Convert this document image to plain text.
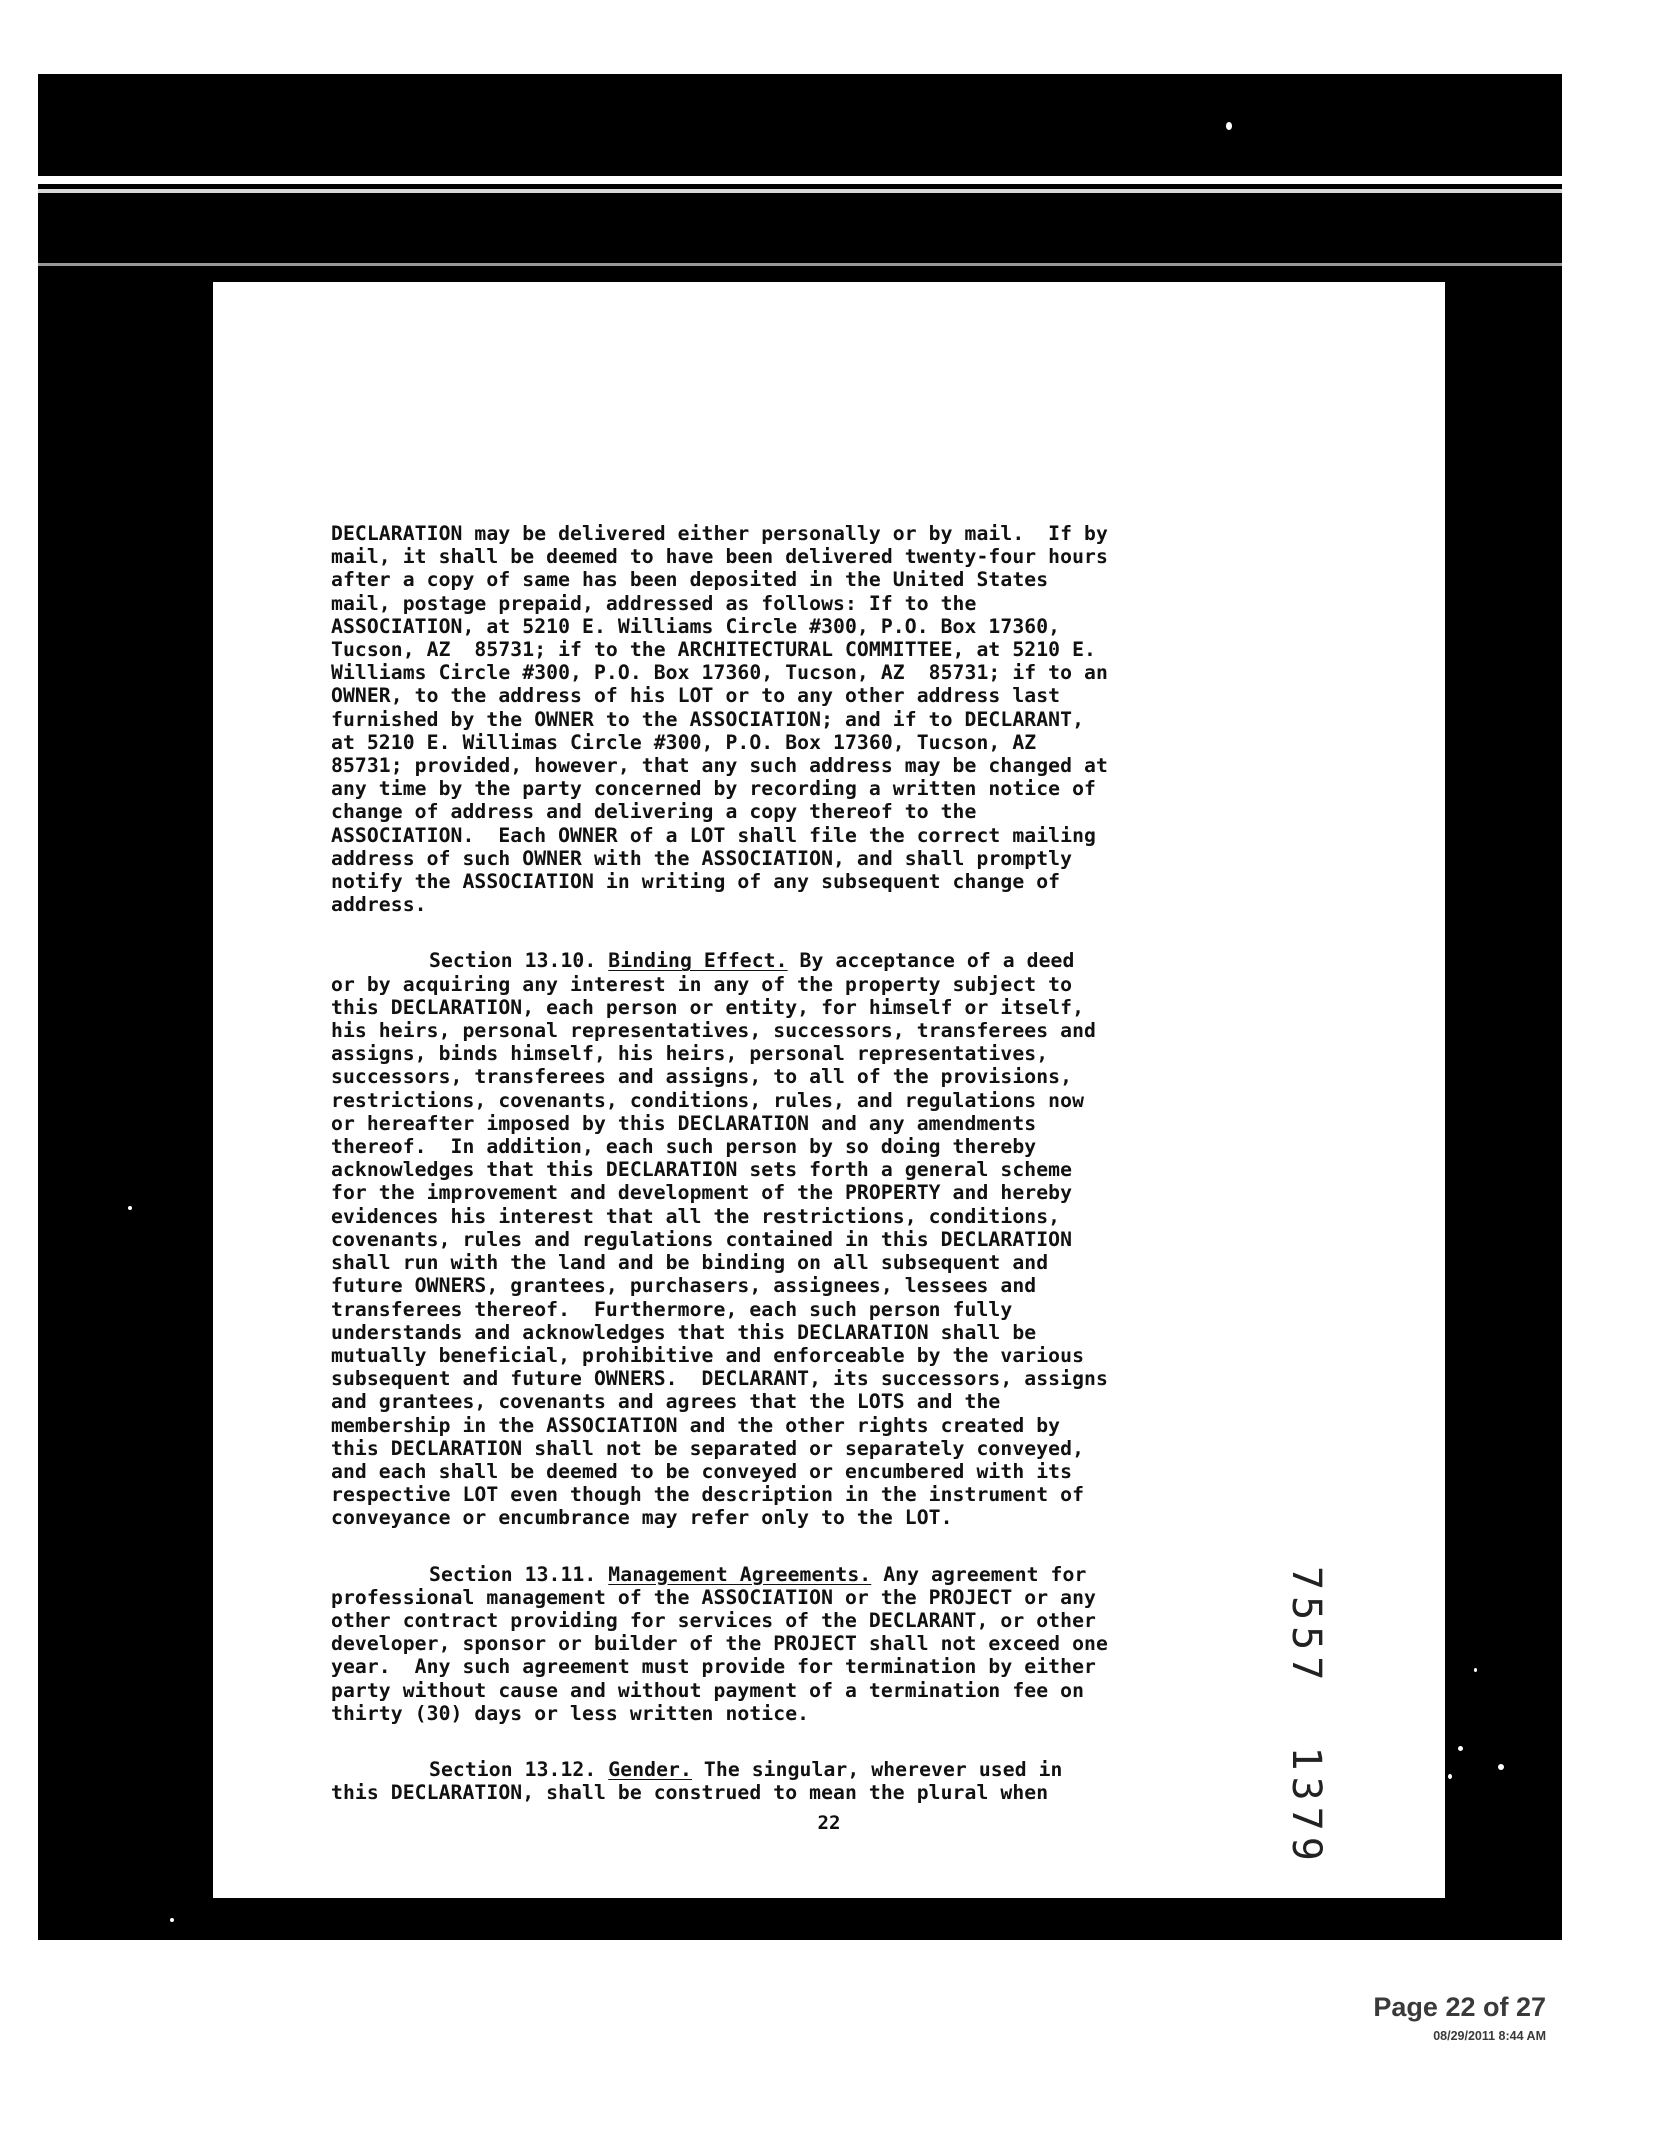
DECLARATION may be delivered either personally or by mail.  If by
mail, it shall be deemed to have been delivered twenty-four hours
after a copy of same has been deposited in the United States
mail, postage prepaid, addressed as follows: If to the
ASSOCIATION, at 5210 E. Williams Circle #300, P.O. Box 17360,
Tucson, AZ  85731; if to the ARCHITECTURAL COMMITTEE, at 5210 E.
Williams Circle #300, P.O. Box 17360, Tucson, AZ  85731; if to an
OWNER, to the address of his LOT or to any other address last
furnished by the OWNER to the ASSOCIATION; and if to DECLARANT,
at 5210 E. Willimas Circle #300, P.O. Box 17360, Tucson, AZ
85731; provided, however, that any such address may be changed at
any time by the party concerned by recording a written notice of
change of address and delivering a copy thereof to the
ASSOCIATION.  Each OWNER of a LOT shall file the correct mailing
address of such OWNER with the ASSOCIATION, and shall promptly
notify the ASSOCIATION in writing of any subsequent change of
address.

Section 13.10. Binding Effect. By acceptance of a deed
or by acquiring any interest in any of the property subject to
this DECLARATION, each person or entity, for himself or itself,
his heirs, personal representatives, successors, transferees and
assigns, binds himself, his heirs, personal representatives,
successors, transferees and assigns, to all of the provisions,
restrictions, covenants, conditions, rules, and regulations now
or hereafter imposed by this DECLARATION and any amendments
thereof.  In addition, each such person by so doing thereby
acknowledges that this DECLARATION sets forth a general scheme
for the improvement and development of the PROPERTY and hereby
evidences his interest that all the restrictions, conditions,
covenants, rules and regulations contained in this DECLARATION
shall run with the land and be binding on all subsequent and
future OWNERS, grantees, purchasers, assignees, lessees and
transferees thereof.  Furthermore, each such person fully
understands and acknowledges that this DECLARATION shall be
mutually beneficial, prohibitive and enforceable by the various
subsequent and future OWNERS.  DECLARANT, its successors, assigns
and grantees, covenants and agrees that the LOTS and the
membership in the ASSOCIATION and the other rights created by
this DECLARATION shall not be separated or separately conveyed,
and each shall be deemed to be conveyed or encumbered with its
respective LOT even though the description in the instrument of
conveyance or encumbrance may refer only to the LOT.

Section 13.11. Management Agreements. Any agreement for
professional management of the ASSOCIATION or the PROJECT or any
other contract providing for services of the DECLARANT, or other
developer, sponsor or builder of the PROJECT shall not exceed one
year.  Any such agreement must provide for termination by either
party without cause and without payment of a termination fee on
thirty (30) days or less written notice.

Section 13.12. Gender. The singular, wherever used in
this DECLARATION, shall be construed to mean the plural when	7557  1379
22
Page 22 of 27
08/29/2011 8:44 AM
